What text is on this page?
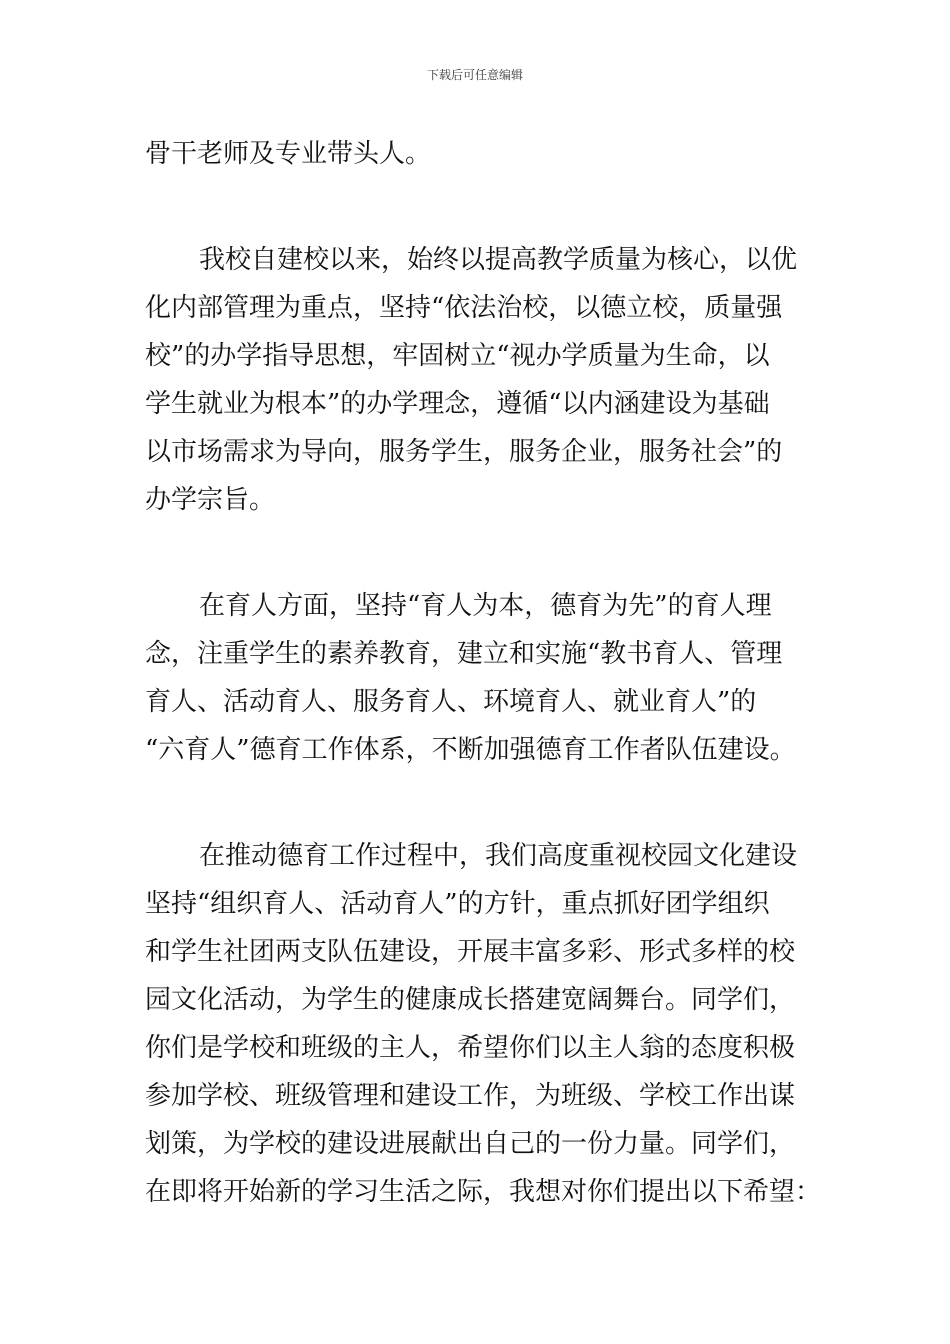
下载后可任意编辑
骨干老师及专业带头人。
我校自建校以来，始终以提高教学质量为核心，以优
化内部管理为重点，坚持“依法治校，以德立校，质量强
校”的办学指导思想，牢固树立“视办学质量为生命，以
学生就业为根本”的办学理念，遵循“以内涵建设为基础
以市场需求为导向，服务学生，服务企业，服务社会”的
办学宗旨。
在育人方面，坚持“育人为本，德育为先”的育人理
念，注重学生的素养教育，建立和实施“教书育人、管理
育人、活动育人、服务育人、环境育人、就业育人”的
“六育人”德育工作体系，不断加强德育工作者队伍建设。
在推动德育工作过程中，我们高度重视校园文化建设
坚持“组织育人、活动育人”的方针，重点抓好团学组织
和学生社团两支队伍建设，开展丰富多彩、形式多样的校
园文化活动，为学生的健康成长搭建宽阔舞台。同学们，
你们是学校和班级的主人，希望你们以主人翁的态度积极
参加学校、班级管理和建设工作，为班级、学校工作出谋
划策，为学校的建设进展献出自己的一份力量。同学们，
在即将开始新的学习生活之际，我想对你们提出以下希望：
